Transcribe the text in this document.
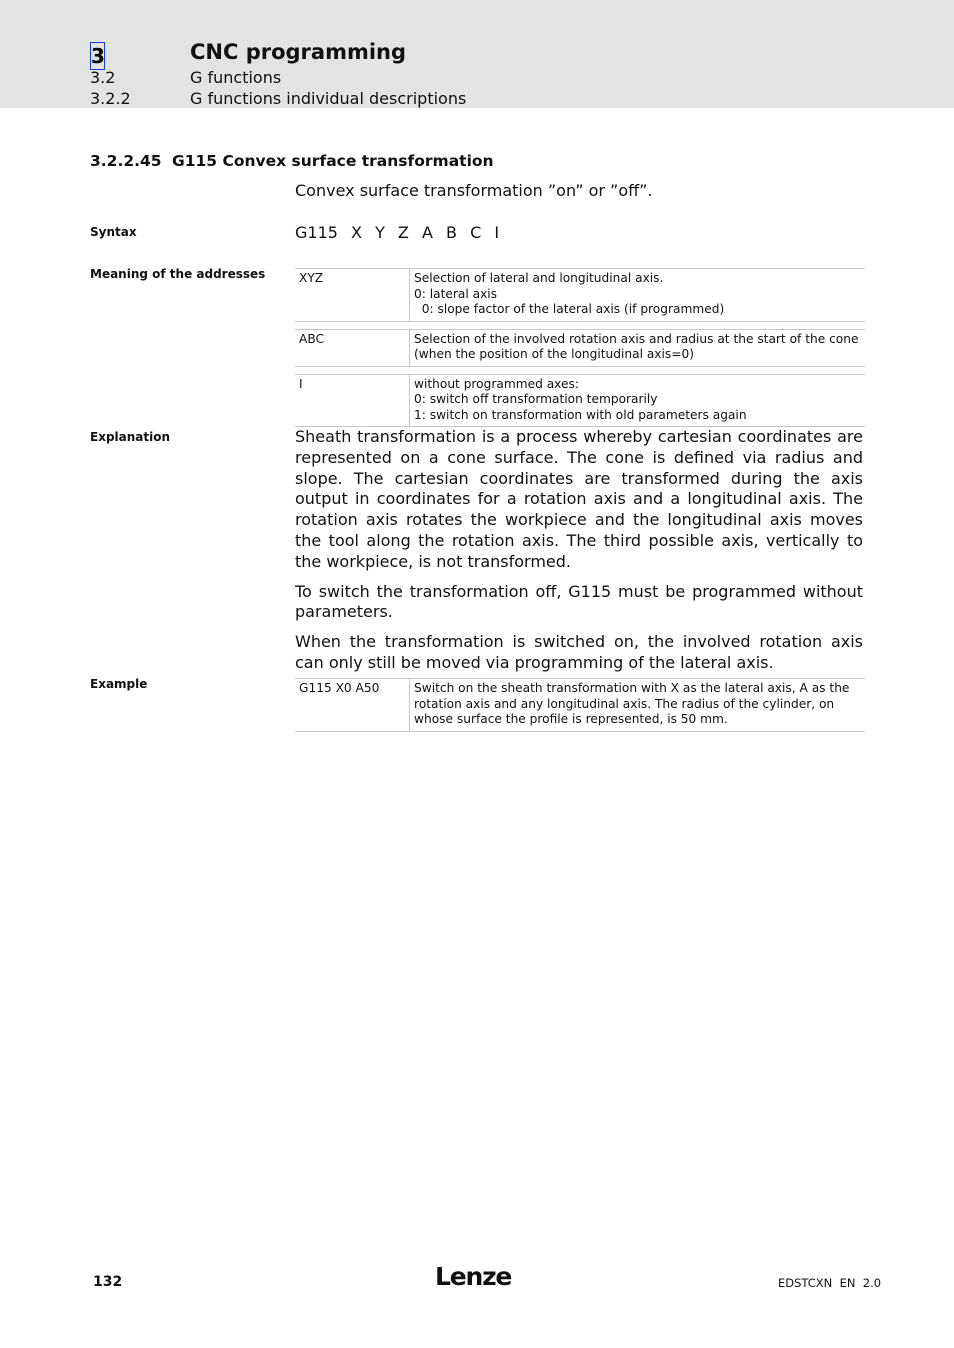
3	CNC programming
3.2	G functions
3.2.2	G functions individual descriptions
3.2.2.45 G115 Convex surface transformation
Convex surface transformation ”on” or ”off”.
Syntax	G115 X Y Z A B C I
Meaning of the addresses	XYZ	Selection of lateral and longitudinal axis.
0: lateral axis
0: slope factor of the lateral axis (if programmed)

ABC	Selection of the involved rotation axis and radius at the start of the cone
(when the position of the longitudinal axis=0)

I	without programmed axes:
0: switch off transformation temporarily
1: switch on transformation with old parameters again
Explanation	Sheath transformation is a process whereby cartesian coordinates are represented on a cone surface. The cone is defined via radius and slope. The cartesian coordinates are transformed during the axis output in coordinates for a rotation axis and a longitudinal axis. The rotation axis rotates the workpiece and the longitudinal axis moves the tool along the rotation axis. The third possible axis, vertically to the workpiece, is not transformed.

To switch the transformation off, G115 must be programmed without parameters.

When the transformation is switched on, the involved rotation axis can only still be moved via programming of the lateral axis.

Example	G115 X0 A50	Switch on the sheath transformation with X as the lateral axis, A as the rotation axis and any longitudinal axis. The radius of the cylinder, on whose surface the profile is represented, is 50 mm.
132	Lenze	EDSTCXN  EN  2.0
